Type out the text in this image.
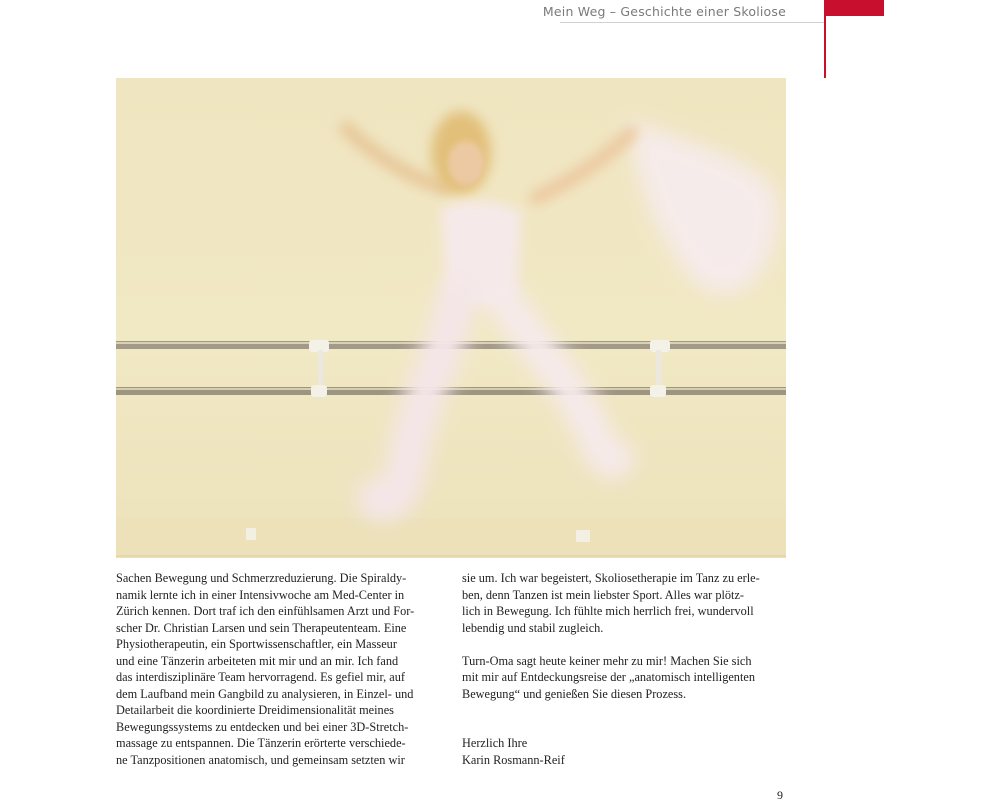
Mein Weg – Geschichte einer Skoliose
Sachen Bewegung und Schmerzreduzierung. Die Spiraldy-
namik lernte ich in einer Intensivwoche am Med-Center in
Zürich kennen. Dort traf ich den einfühlsamen Arzt und For-
scher Dr. Christian Larsen und sein Therapeutenteam. Eine
Physiotherapeutin, ein Sportwissenschaftler, ein Masseur
und eine Tänzerin arbeiteten mit mir und an mir. Ich fand
das interdisziplinäre Team hervorragend. Es gefiel mir, auf
dem Laufband mein Gangbild zu analysieren, in Einzel- und
Detailarbeit die koordinierte Dreidimensionalität meines
Bewegungssystems zu entdecken und bei einer 3D-Stretch-
massage zu entspannen. Die Tänzerin erörterte verschiede-
ne Tanzpositionen anatomisch, und gemeinsam setzten wir
sie um. Ich war begeistert, Skoliosetherapie im Tanz zu erle-
ben, denn Tanzen ist mein liebster Sport. Alles war plötz-
lich in Bewegung. Ich fühlte mich herrlich frei, wundervoll
lebendig und stabil zugleich.
Turn-Oma sagt heute keiner mehr zu mir! Machen Sie sich
mit mir auf Entdeckungsreise der „anatomisch intelligenten
Bewegung“ und genießen Sie diesen Prozess.
Herzlich Ihre
Karin Rosmann-Reif
9
